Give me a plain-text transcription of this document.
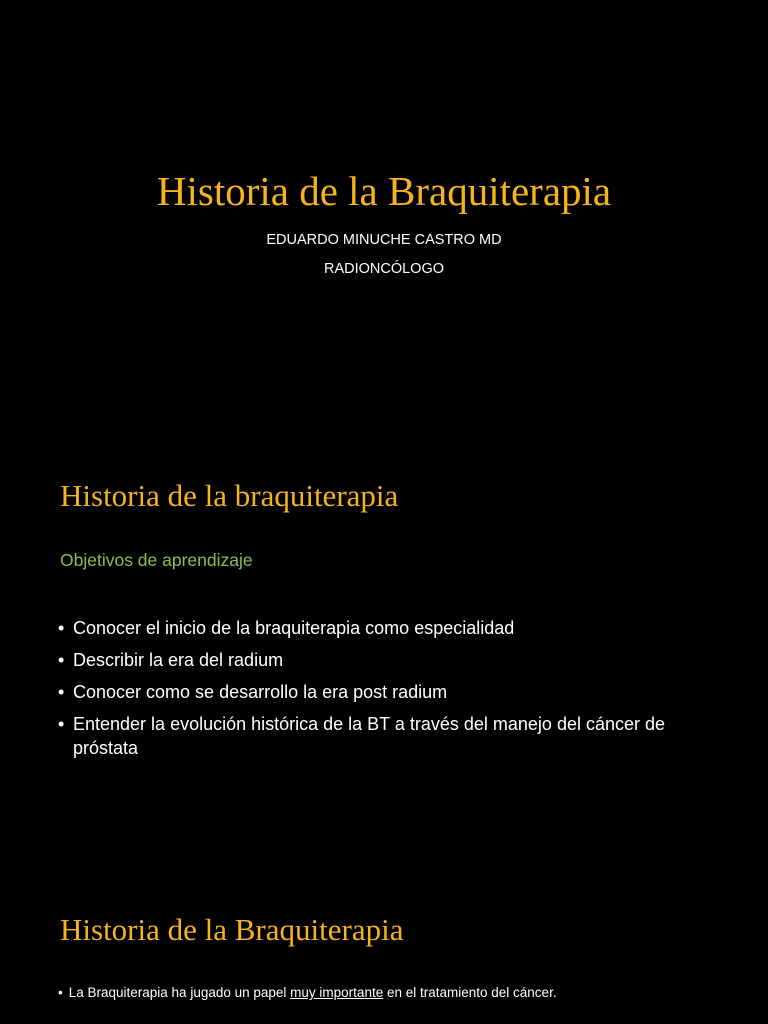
Historia de la Braquiterapia
EDUARDO MINUCHE CASTRO MD
RADIONCÓLOGO
Historia de la braquiterapia
Objetivos de aprendizaje
• Conocer el inicio de la braquiterapia como especialidad
• Describir la era del radium
• Conocer como se desarrollo la era post radium
• Entender la evolución histórica de la BT a través del manejo del cáncer de próstata
Historia de la Braquiterapia
• La Braquiterapia ha jugado un papel muy importante en el tratamiento del cáncer.
